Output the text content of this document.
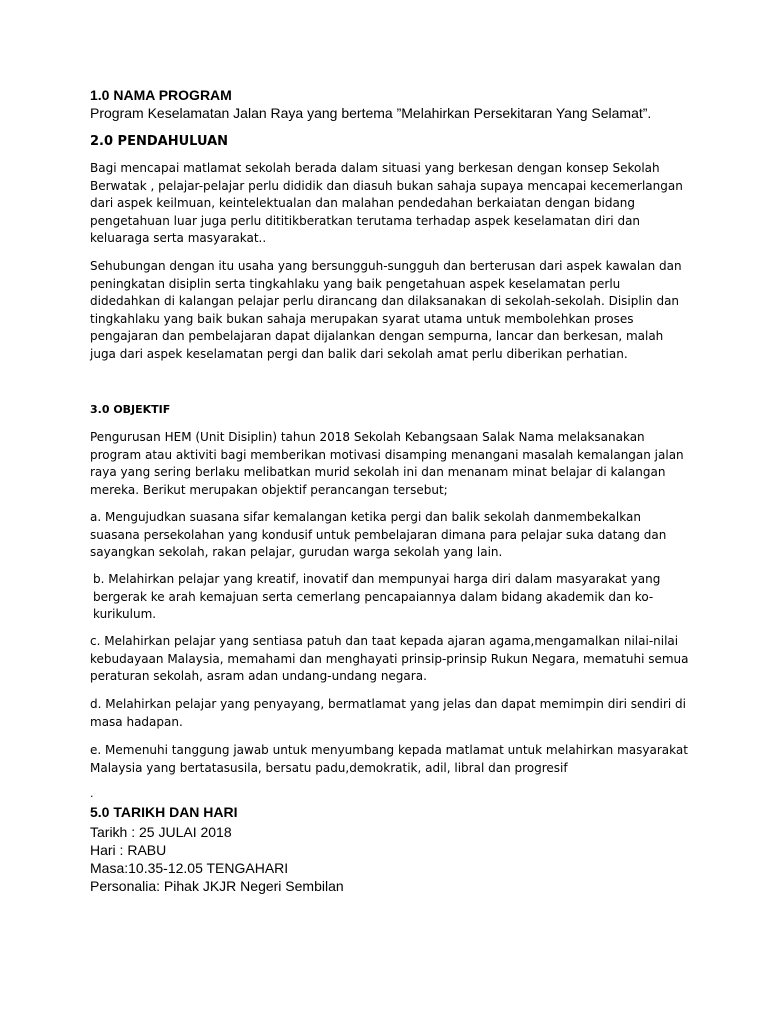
1.0 NAMA PROGRAM
Program Keselamatan Jalan Raya yang bertema ”Melahirkan Persekitaran Yang Selamat”.
2.0 PENDAHULUAN

Bagi mencapai matlamat sekolah berada dalam situasi yang berkesan dengan konsep Sekolah Berwatak , pelajar-pelajar perlu dididik dan diasuh bukan sahaja supaya mencapai kecemerlangan dari aspek keilmuan, keintelektualan dan malahan pendedahan berkaiatan dengan bidang pengetahuan luar juga perlu dititikberatkan terutama terhadap aspek keselamatan diri dan keluaraga serta masyarakat..

Sehubungan dengan itu usaha yang bersungguh-sungguh dan berterusan dari aspek kawalan dan peningkatan disiplin serta tingkahlaku yang baik pengetahuan aspek keselamatan perlu didedahkan di kalangan pelajar perlu dirancang dan dilaksanakan di sekolah-sekolah. Disiplin dan tingkahlaku yang baik bukan sahaja merupakan syarat utama untuk membolehkan proses pengajaran dan pembelajaran dapat dijalankan dengan sempurna, lancar dan berkesan, malah juga dari aspek keselamatan pergi dan balik dari sekolah amat perlu diberikan perhatian.

3.0 OBJEKTIF

Pengurusan HEM (Unit Disiplin) tahun 2018 Sekolah Kebangsaan Salak Nama melaksanakan program atau aktiviti bagi memberikan motivasi disamping menangani masalah kemalangan jalan raya yang sering berlaku melibatkan murid sekolah ini dan menanam minat belajar di kalangan mereka. Berikut merupakan objektif perancangan tersebut;

a. Mengujudkan suasana sifar kemalangan ketika pergi dan balik sekolah danmembekalkan suasana persekolahan yang kondusif untuk pembelajaran dimana para pelajar suka datang dan sayangkan sekolah, rakan pelajar, gurudan warga sekolah yang lain.

b. Melahirkan pelajar yang kreatif, inovatif dan mempunyai harga diri dalam masyarakat yang bergerak ke arah kemajuan serta cemerlang pencapaiannya dalam bidang akademik dan ko-kurikulum.

c. Melahirkan pelajar yang sentiasa patuh dan taat kepada ajaran agama,mengamalkan nilai-nilai kebudayaan Malaysia, memahami dan menghayati prinsip-prinsip Rukun Negara, mematuhi semua peraturan sekolah, asram adan undang-undang negara.

d. Melahirkan pelajar yang penyayang, bermatlamat yang jelas dan dapat memimpin diri sendiri di masa hadapan.

e. Memenuhi tanggung jawab untuk menyumbang kepada matlamat untuk melahirkan masyarakat Malaysia yang bertatasusila, bersatu padu,demokratik, adil, libral dan progresif

.
5.0 TARIKH DAN HARI
Tarikh : 25 JULAI 2018
Hari : RABU
Masa:10.35-12.05 TENGAHARI
Personalia: Pihak JKJR Negeri Sembilan
